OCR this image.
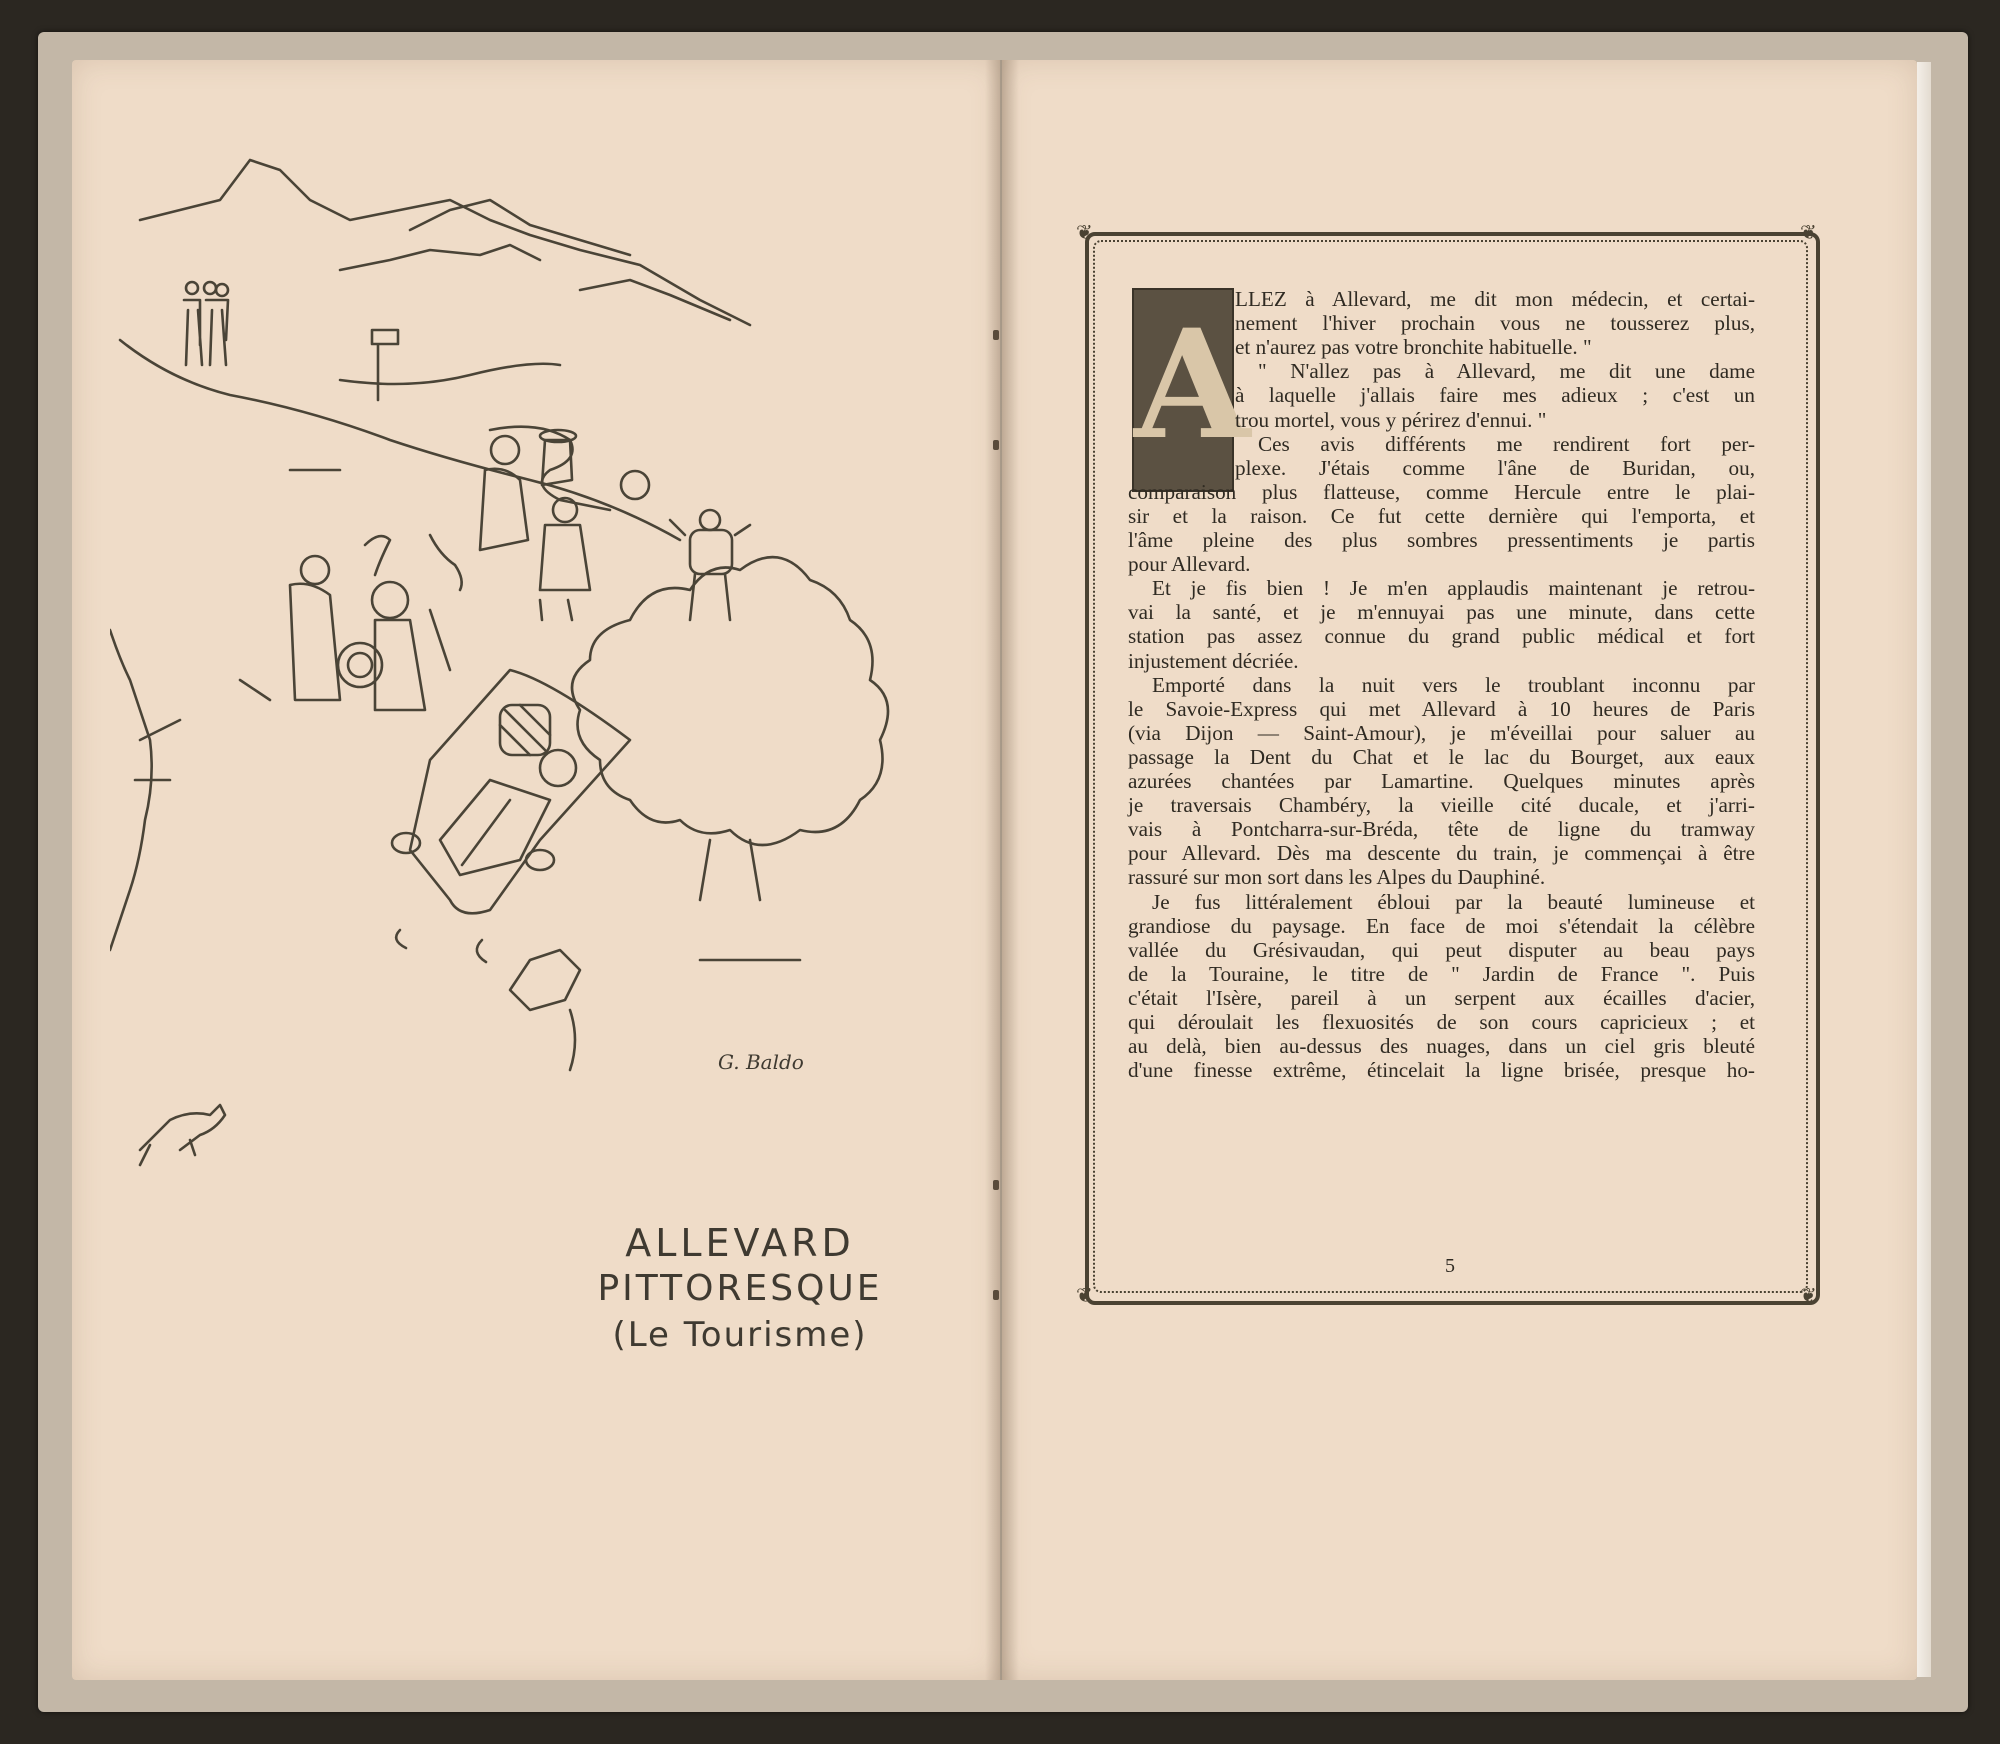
G. Baldo
ALLEVARD
PITTORESQUE
(Le Tourisme)
❦	❦
❦	❦
A

LLEZ à Allevard, me dit mon médecin, et certai-

nement l'hiver prochain vous ne tousserez plus,

et n'aurez pas votre bronchite habituelle. "

" N'allez pas à Allevard, me dit une dame

à laquelle j'allais faire mes adieux ; c'est un

trou mortel, vous y périrez d'ennui. "

Ces avis différents me rendirent fort per-

plexe. J'étais comme l'âne de Buridan, ou,

comparaison plus flatteuse, comme Hercule entre le plai-

sir et la raison. Ce fut cette dernière qui l'emporta, et

l'âme pleine des plus sombres pressentiments je partis

pour Allevard.

Et je fis bien ! Je m'en applaudis maintenant je retrou-

vai la santé, et je m'ennuyai pas une minute, dans cette

station pas assez connue du grand public médical et fort

injustement décriée.

Emporté dans la nuit vers le troublant inconnu par

le Savoie-Express qui met Allevard à 10 heures de Paris

(via Dijon — Saint-Amour), je m'éveillai pour saluer au

passage la Dent du Chat et le lac du Bourget, aux eaux

azurées chantées par Lamartine. Quelques minutes après

je traversais Chambéry, la vieille cité ducale, et j'arri-

vais à Pontcharra-sur-Bréda, tête de ligne du tramway

pour Allevard. Dès ma descente du train, je commençai à être

rassuré sur mon sort dans les Alpes du Dauphiné.

Je fus littéralement ébloui par la beauté lumineuse et

grandiose du paysage. En face de moi s'étendait la célèbre

vallée du Grésivaudan, qui peut disputer au beau pays

de la Touraine, le titre de " Jardin de France ". Puis

c'était l'Isère, pareil à un serpent aux écailles d'acier,

qui déroulait les flexuosités de son cours capricieux ; et

au delà, bien au-dessus des nuages, dans un ciel gris bleuté

d'une finesse extrême, étincelait la ligne brisée, presque ho-

5
